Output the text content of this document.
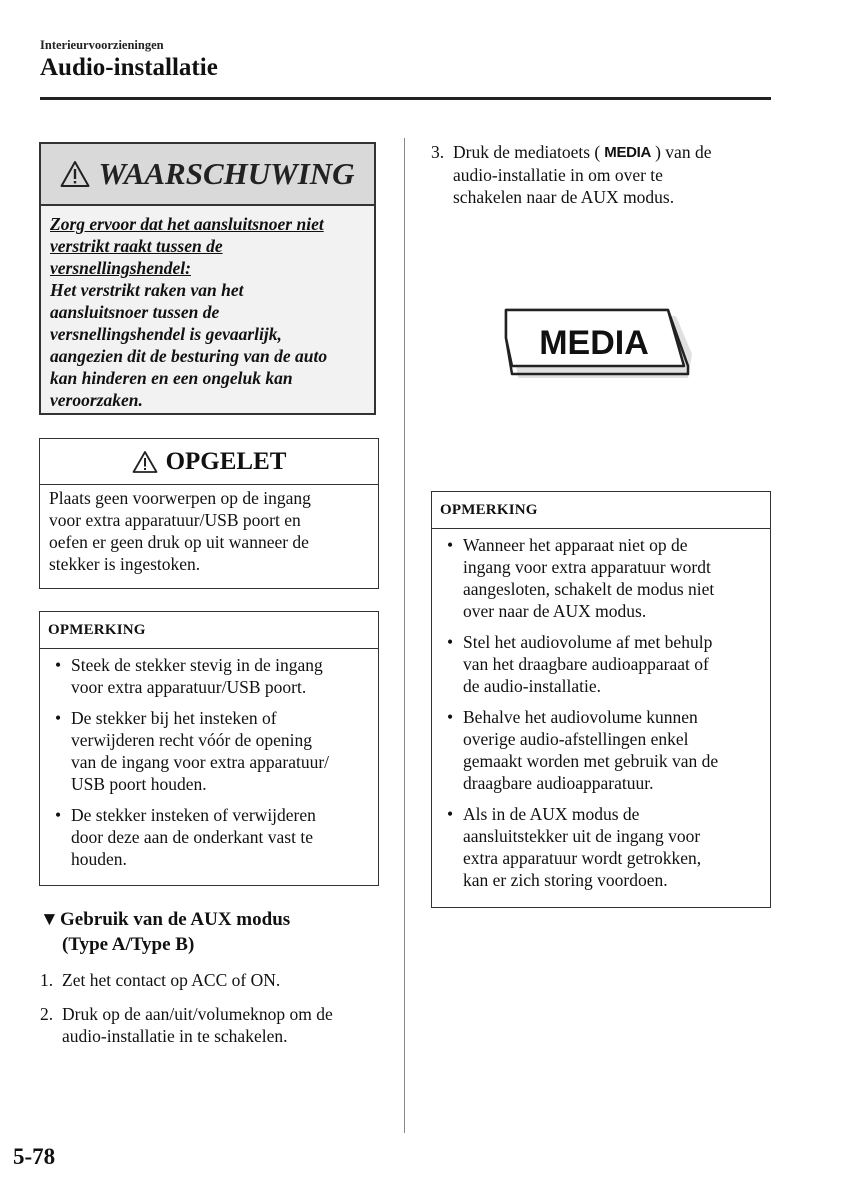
Interieurvoorzieningen
Audio-installatie
WAARSCHUWING
Zorg ervoor dat het aansluitsnoer niet
verstrikt raakt tussen de
versnellingshendel:
Het verstrikt raken van het
aansluitsnoer tussen de
versnellingshendel is gevaarlijk,
aangezien dit de besturing van de auto
kan hinderen en een ongeluk kan
veroorzaken.
OPGELET
Plaats geen voorwerpen op de ingang
voor extra apparatuur/USB poort en
oefen er geen druk op uit wanneer de
stekker is ingestoken.
OPMERKING
• Steek de stekker stevig in de ingang
voor extra apparatuur/USB poort.
• De stekker bij het insteken of
verwijderen recht vóór de opening
van de ingang voor extra apparatuur/
USB poort houden.
• De stekker insteken of verwijderen
door deze aan de onderkant vast te
houden.
▼Gebruik van de AUX modus
(Type A/Type B)
1. Zet het contact op ACC of ON.
2. Druk op de aan/uit/volumeknop om de
audio-installatie in te schakelen.
3. Druk de mediatoets ( MEDIA ) van de
audio-installatie in om over te
schakelen naar de AUX modus.
MEDIA
OPMERKING
• Wanneer het apparaat niet op de
ingang voor extra apparatuur wordt
aangesloten, schakelt de modus niet
over naar de AUX modus.
• Stel het audiovolume af met behulp
van het draagbare audioapparaat of
de audio-installatie.
• Behalve het audiovolume kunnen
overige audio-afstellingen enkel
gemaakt worden met gebruik van de
draagbare audioapparatuur.
• Als in de AUX modus de
aansluitstekker uit de ingang voor
extra apparatuur wordt getrokken,
kan er zich storing voordoen.
5-78
